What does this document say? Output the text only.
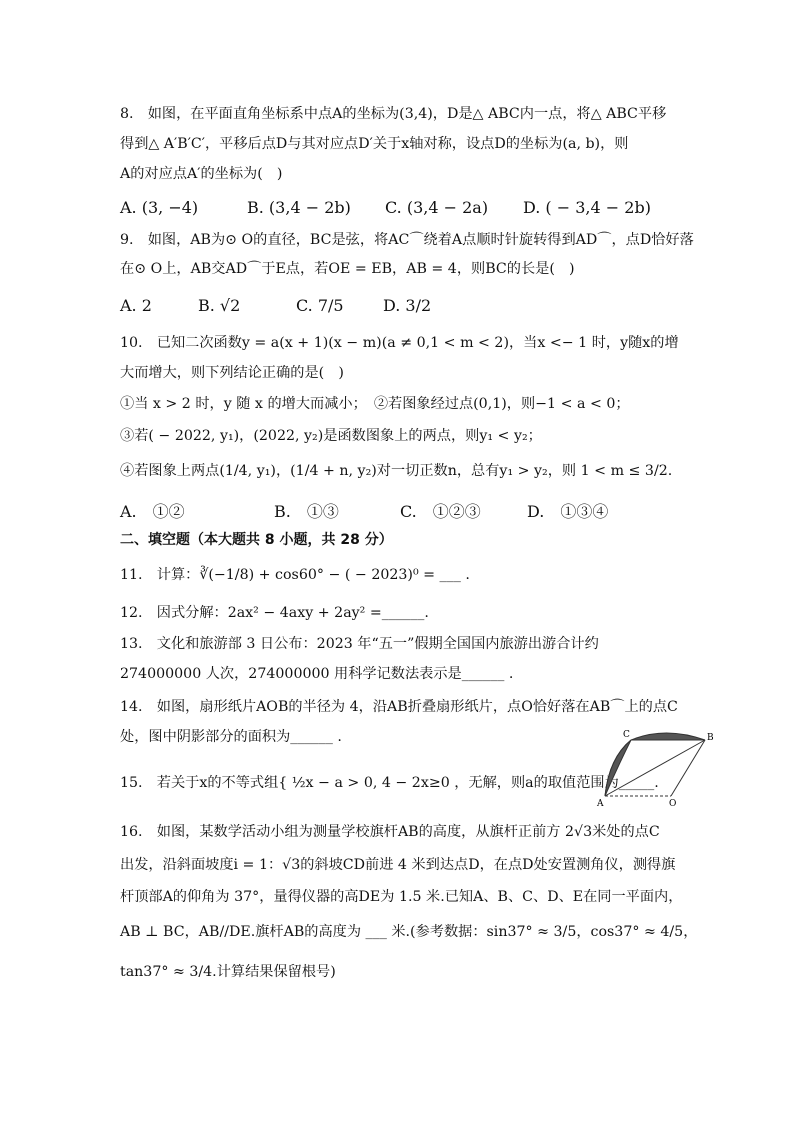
8.　如图，在平面直角坐标系中点A的坐标为(3,4)，D是△ ABC内一点，将△ ABC平移
得到△ A′B′C′，平移后点D与其对应点D′关于x轴对称，设点D的坐标为(a, b)，则
A的对应点A′的坐标为(　)
A. (3, −4)	B. (3,4 − 2b) C. (3,4 − 2a) D. ( − 3,4 − 2b)
9.　如图，AB为⊙ O的直径，BC是弦，将AC⌒绕着A点顺时针旋转得到AD⌒，点D恰好落
在⊙ O上，AB交AD⌒于E点，若OE = EB，AB = 4，则BC的长是(　)
A. 2	B. √2	C. 7/5 D. 3/2
10.　已知二次函数y = a(x + 1)(x − m)(a ≠ 0,1 < m < 2)，当x <− 1 时，y随x的增
大而增大，则下列结论正确的是(　)
①当 x > 2 时，y 随 x 的增大而减小；　②若图象经过点(0,1)，则−1 < a < 0；
③若( − 2022, y₁)，(2022, y₂)是函数图象上的两点，则y₁ < y₂；
④若图象上两点(1/4, y₁)，(1/4 + n, y₂)对一切正数n，总有y₁ > y₂，则 1 < m ≤ 3/2.
A.　①②	B.　①③	C.　①②③	D.　①③④
二、填空题（本大题共 8 小题，共 28 分）
11.　计算：∛(−1/8) + cos60° − ( − 2023)⁰ = ___ .
12.　因式分解：2ax² − 4axy + 2ay² =______.
13.　文化和旅游部 3 日公布：2023 年“五一”假期全国国内旅游出游合计约
274000000 人次，274000000 用科学记数法表示是______ .
14.　如图，扇形纸片AOB的半径为 4，沿AB折叠扇形纸片，点O恰好落在AB⌒上的点C
处，图中阴影部分的面积为______ .
15.　若关于x的不等式组{ ½x − a > 0, 4 − 2x≥0 ，无解，则a的取值范围为_____.
A
B
C
O
16.　如图，某数学活动小组为测量学校旗杆AB的高度，从旗杆正前方 2√3米处的点C
出发，沿斜面坡度i = 1：√3的斜坡CD前进 4 米到达点D，在点D处安置测角仪，测得旗
杆顶部A的仰角为 37°，量得仪器的高DE为 1.5 米.已知A、B、C、D、E在同一平面内，
AB ⊥ BC，AB//DE.旗杆AB的高度为 ___ 米.(参考数据：sin37° ≈ 3/5，cos37° ≈ 4/5，
tan37° ≈ 3/4.计算结果保留根号)
